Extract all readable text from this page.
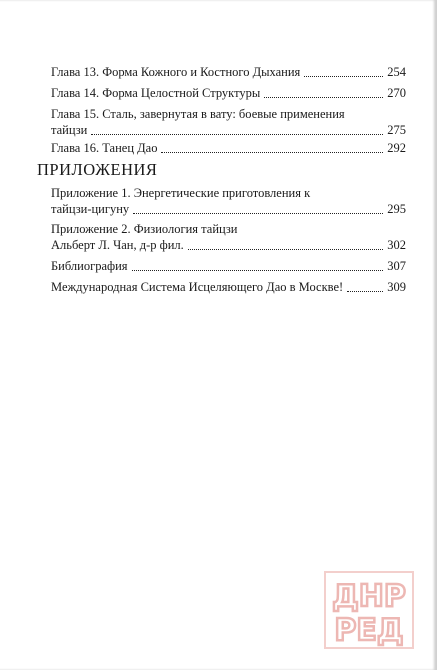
Глава 13. Форма Кожного и Костного Дыхания	254
Глава 14. Форма Целостной Структуры	270
Глава 15. Сталь, завернутая в вату: боевые применения
тайцзи	275
Глава 16. Танец Дао	292
ПРИЛОЖЕНИЯ
Приложение 1. Энергетические приготовления к
тайцзи-цигуну	295
Приложение 2. Физиология тайцзи
Альберт Л. Чан, д-р фил.	302
Библиография	307
Международная Система Исцеляющего Дао в Москве!	309
ДНР
РЕД
